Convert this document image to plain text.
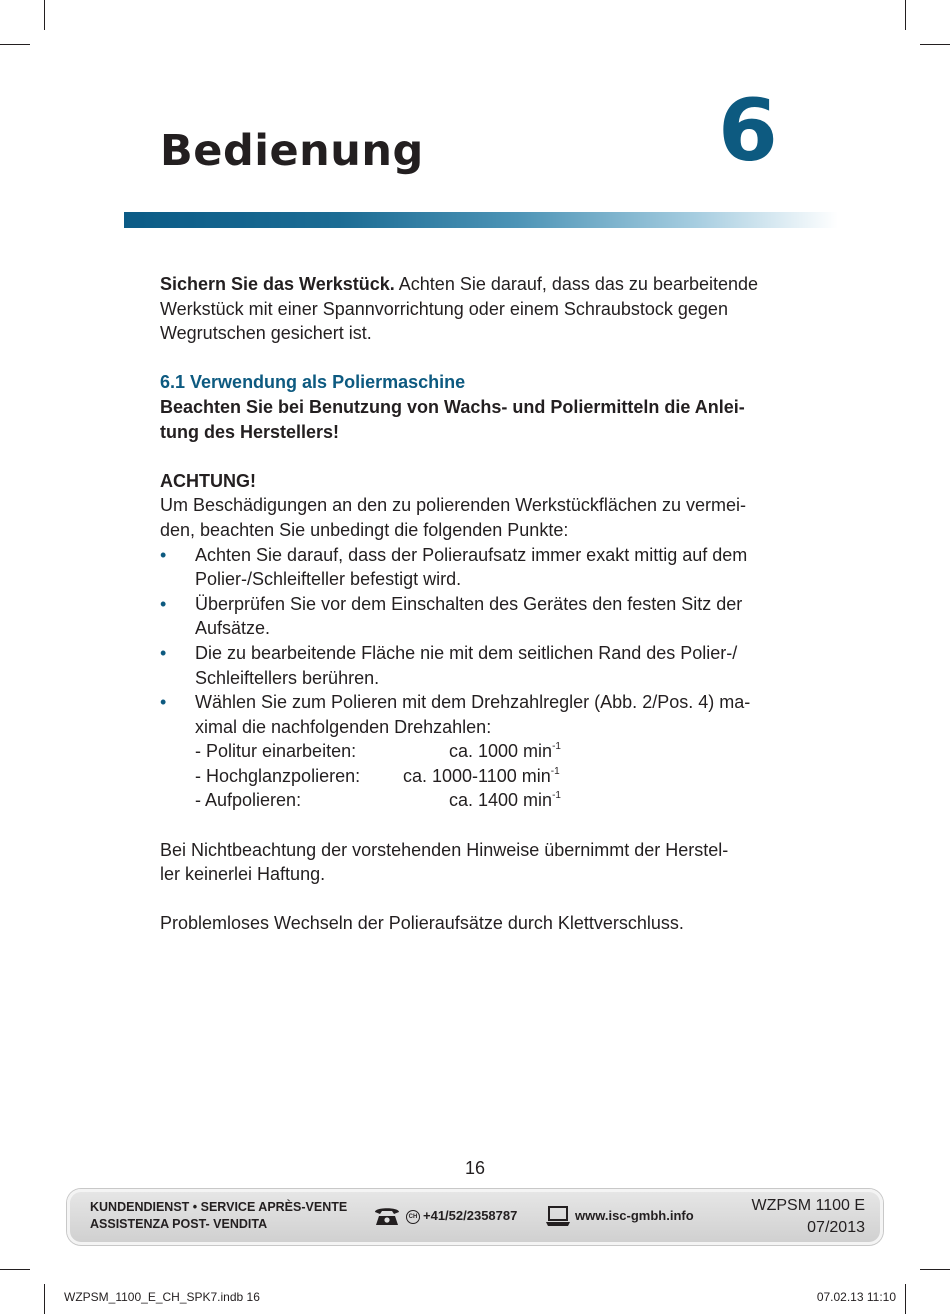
Bedienung	6

Sichern Sie das Werkstück. Achten Sie darauf, dass das zu bearbeitende
Werkstück mit einer Spannvorrichtung oder einem Schraubstock gegen
Wegrutschen gesichert ist.

6.1 Verwendung als Poliermaschine

Beachten Sie bei Benutzung von Wachs- und Poliermitteln die Anlei-
tung des Herstellers!

ACHTUNG!

Um Beschädigungen an den zu polierenden Werkstückflächen zu vermei-
den, beachten Sie unbedingt die folgenden Punkte:

• Achten Sie darauf, dass der Polieraufsatz immer exakt mittig auf dem
Polier-/Schleifteller befestigt wird.
• Überprüfen Sie vor dem Einschalten des Gerätes den festen Sitz der
Aufsätze.
• Die zu bearbeitende Fläche nie mit dem seitlichen Rand des Polier-/
Schleiftellers berühren.
• Wählen Sie zum Polieren mit dem Drehzahlregler (Abb. 2/Pos. 4) ma-
ximal die nachfolgenden Drehzahlen:
- Politur einarbeiten:	ca. 1000 $\min^{-1}$
- Hochglanzpolieren:	ca. 1000-1100 $\min^{-1}$
- Aufpolieren:	ca. 1400 $\min^{-1}$

Bei Nichtbeachtung der vorstehenden Hinweise übernimmt der Herstel-
ler keinerlei Haftung.

Problemloses Wechseln der Polieraufsätze durch Klettverschluss.

16
KUNDENDIENST • SERVICE APRÈS-VENTE
ASSISTENZA POST- VENDITA	CH +41/52/2358787	www.isc-gmbh.info
WZPSM 1100 E
07/2013
WZPSM_1100_E_CH_SPK7.indb 16	07.02.13 11:10
